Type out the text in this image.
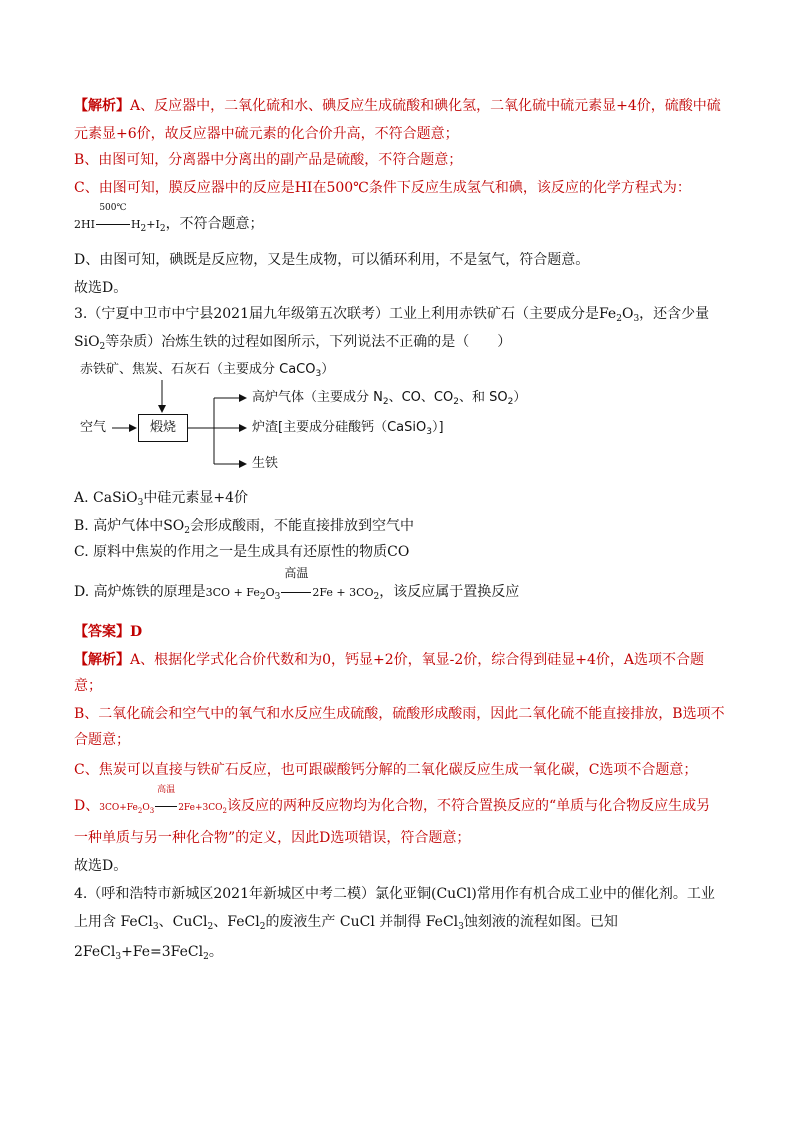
【解析】A、反应器中，二氧化硫和水、碘反应生成硫酸和碘化氢，二氧化硫中硫元素显+4价，硫酸中硫
元素显+6价，故反应器中硫元素的化合价升高，不符合题意；
B、由图可知，分离器中分离出的副产品是硫酸，不符合题意；
C、由图可知，膜反应器中的反应是HI在500℃条件下反应生成氢气和碘，该反应的化学方程式为：
2HI
500℃
$H_2+I_2$，不符合题意；
D、由图可知，碘既是反应物，又是生成物，可以循环利用，不是氢气，符合题意。
故选D。
3.（宁夏中卫市中宁县2021届九年级第五次联考）工业上利用赤铁矿石（主要成分是$Fe_2O_3$，还含少量
SiO$_2$等杂质）冶炼生铁的过程如图所示，下列说法不正确的是（　　）
赤铁矿、焦炭、石灰石（主要成分 CaCO$_3$）
空气	煅烧
高炉气体（主要成分 $N_2$、CO、$CO_2$、和 $SO_2$）
炉渣[主要成分硅酸钙（CaSiO$_3$）]
生铁
A. CaSiO$_3$中硅元素显+4价
B. 高炉气体中$SO_2$会形成酸雨，不能直接排放到空气中
C. 原料中焦炭的作用之一是生成具有还原性的物质CO
D. 高炉炼铁的原理是$3CO + Fe_2O_3$
高温
$2Fe + 3CO_2$，该反应属于置换反应
【答案】D
【解析】A、根据化学式化合价代数和为0，钙显+2价，氧显-2价，综合得到硅显+4价，A选项不合题
意；
B、二氧化硫会和空气中的氧气和水反应生成硫酸，硫酸形成酸雨，因此二氧化硫不能直接排放，B选项不
合题意；
C、焦炭可以直接与铁矿石反应，也可跟碳酸钙分解的二氧化碳反应生成一氧化碳，C选项不合题意；
D、$3CO+Fe_2O_3$
高温
$2Fe+3CO_2$该反应的两种反应物均为化合物，不符合置换反应的“单质与化合物反应生成另
一种单质与另一种化合物”的定义，因此D选项错误，符合题意；
故选D。
4.（呼和浩特市新城区2021年新城区中考二模）氯化亚铜(CuCl)常用作有机合成工业中的催化剂。工业
上用含 FeCl$_3$、CuCl$_2$、FeCl$_2$的废液生产 CuCl 并制得 FeCl$_3$蚀刻液的流程如图。已知
2FeCl$_3$+Fe=3FeCl$_2$。
